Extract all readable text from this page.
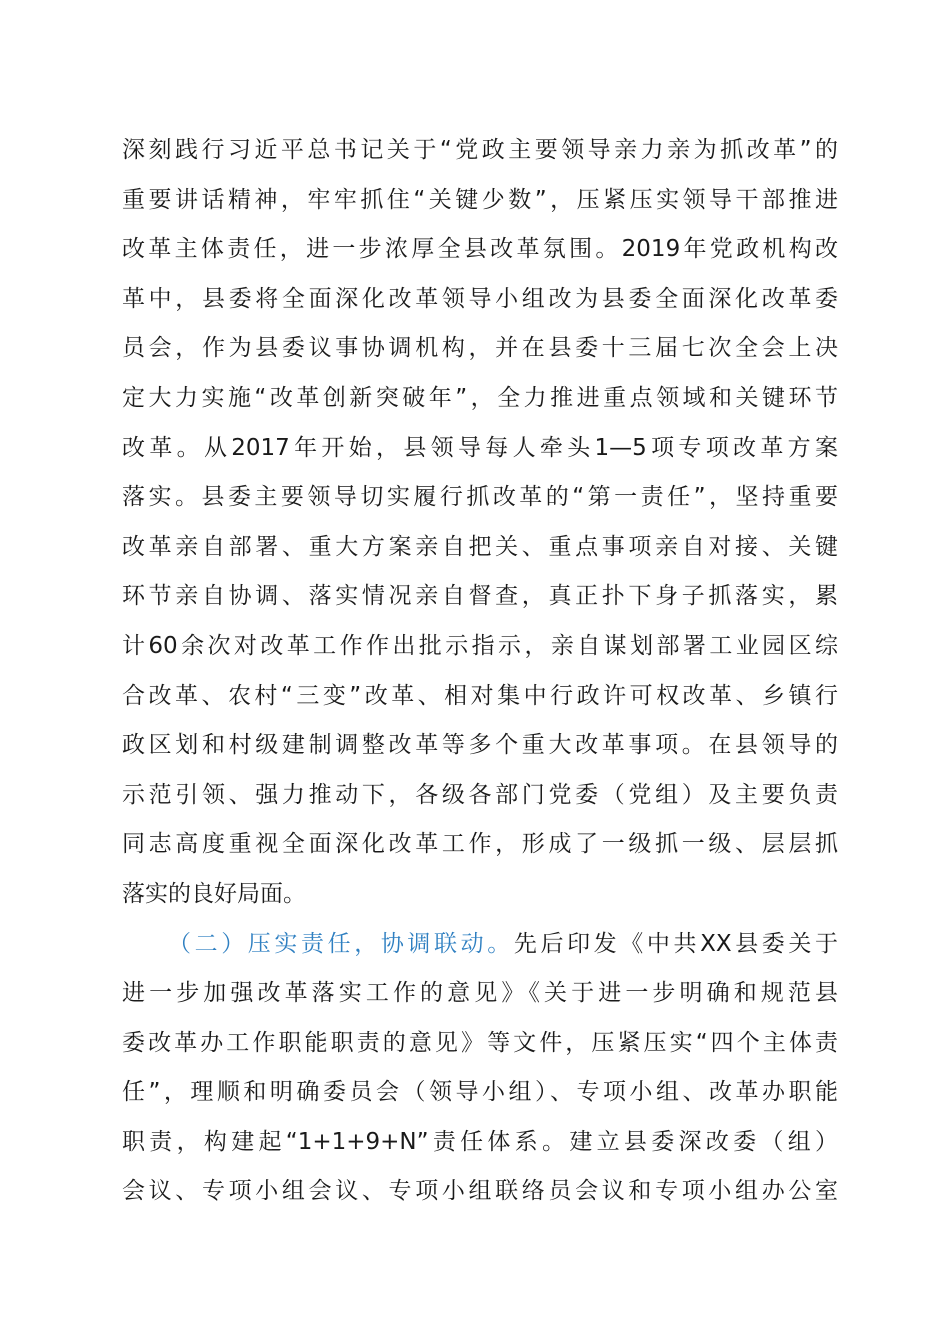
深刻践行习近平总书记关于“党政主要领导亲力亲为抓改革”的
重要讲话精神，牢牢抓住“关键少数”，压紧压实领导干部推进
改革主体责任，进一步浓厚全县改革氛围。2019年党政机构改
革中，县委将全面深化改革领导小组改为县委全面深化改革委
员会，作为县委议事协调机构，并在县委十三届七次全会上决
定大力实施“改革创新突破年”，全力推进重点领域和关键环节
改革。从2017年开始，县领导每人牵头1—5项专项改革方案
落实。县委主要领导切实履行抓改革的“第一责任”，坚持重要
改革亲自部署、重大方案亲自把关、重点事项亲自对接、关键
环节亲自协调、落实情况亲自督查，真正扑下身子抓落实，累
计60余次对改革工作作出批示指示，亲自谋划部署工业园区综
合改革、农村“三变”改革、相对集中行政许可权改革、乡镇行
政区划和村级建制调整改革等多个重大改革事项。在县领导的
示范引领、强力推动下，各级各部门党委（党组）及主要负责
同志高度重视全面深化改革工作，形成了一级抓一级、层层抓
落实的良好局面。
（二）压实责任，协调联动。先后印发《中共XX县委关于
进一步加强改革落实工作的意见》《关于进一步明确和规范县
委改革办工作职能职责的意见》等文件，压紧压实“四个主体责
任”，理顺和明确委员会（领导小组）、专项小组、改革办职能
职责，构建起“1+1+9+N”责任体系。建立县委深改委（组）
会议、专项小组会议、专项小组联络员会议和专项小组办公室
